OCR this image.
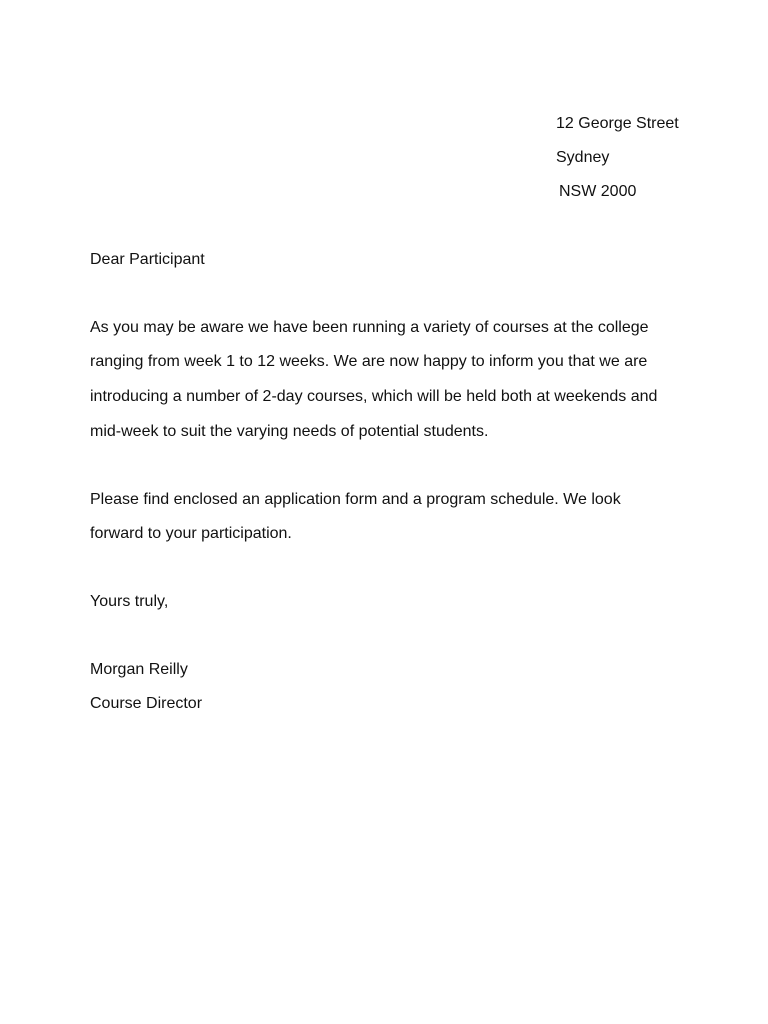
12 George Street
Sydney
NSW 2000
Dear Participant
As you may be aware we have been running a variety of courses at the college
ranging from week 1 to 12 weeks. We are now happy to inform you that we are
introducing a number of 2-day courses, which will be held both at weekends and
mid-week to suit the varying needs of potential students.
Please find enclosed an application form and a program schedule. We look
forward to your participation.
Yours truly,
Morgan Reilly
Course Director
